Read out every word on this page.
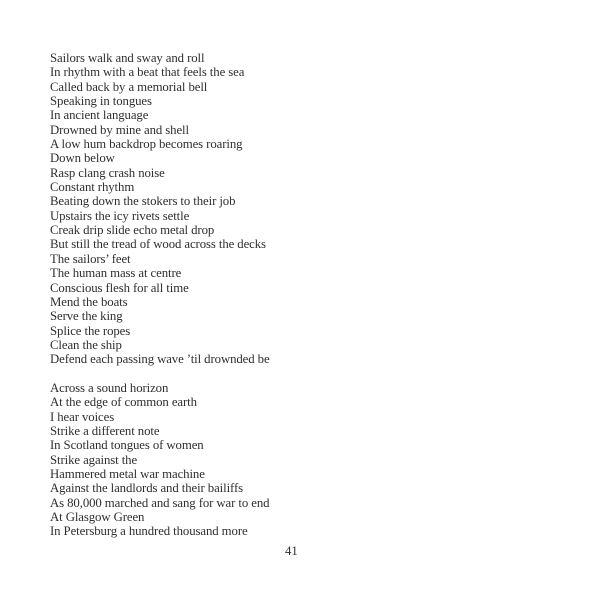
Sailors walk and sway and roll
In rhythm with a beat that feels the sea
Called back by a memorial bell
Speaking in tongues
In ancient language
Drowned by mine and shell
A low hum backdrop becomes roaring
Down below
Rasp clang crash noise
Constant rhythm
Beating down the stokers to their job
Upstairs the icy rivets settle
Creak drip slide echo metal drop
But still the tread of wood across the decks
The sailors’ feet
The human mass at centre
Conscious flesh for all time
Mend the boats
Serve the king
Splice the ropes
Clean the ship
Defend each passing wave ’til drownded be
Across a sound horizon
At the edge of common earth
I hear voices
Strike a different note
In Scotland tongues of women
Strike against the
Hammered metal war machine
Against the landlords and their bailiffs
As 80,000 marched and sang for war to end
At Glasgow Green
In Petersburg a hundred thousand more
41
